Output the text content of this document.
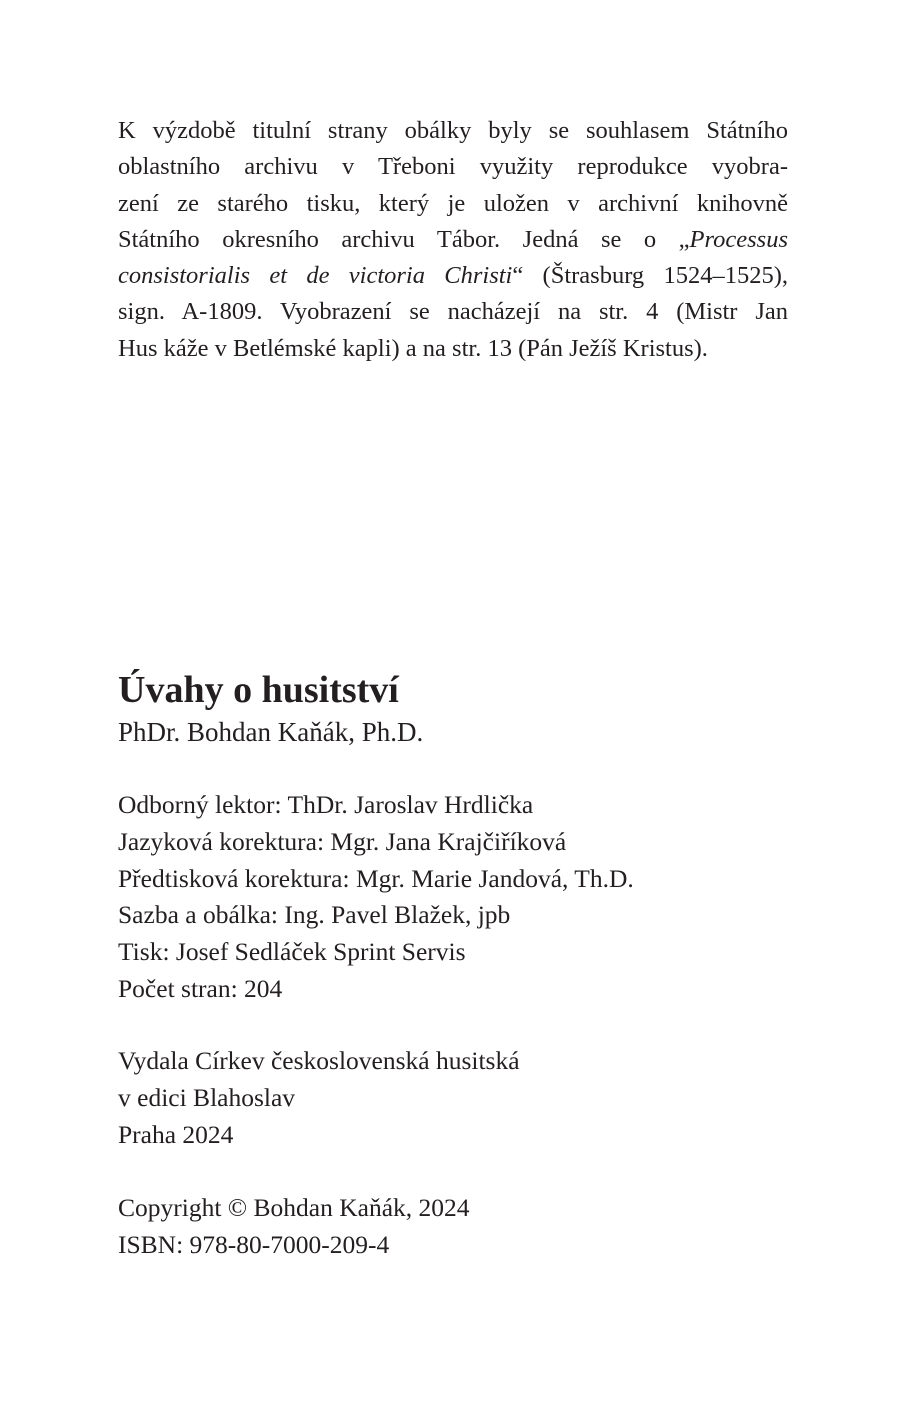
K výzdobě titulní strany obálky byly se souhlasem Státního
oblastního archivu v Třeboni využity reprodukce vyobra-
zení ze starého tisku, který je uložen v archivní knihovně
Státního okresního archivu Tábor. Jedná se o „Processus
consistorialis et de victoria Christi“ (Štrasburg 1524–1525),
sign. A-1809. Vyobrazení se nacházejí na str. 4 (Mistr Jan
Hus káže v Betlémské kapli) a na str. 13 (Pán Ježíš Kristus).

Úvahy o husitství
PhDr. Bohdan Kaňák, Ph.D.
Odborný lektor: ThDr. Jaroslav Hrdlička
Jazyková korektura: Mgr. Jana Krajčiříková
Předtisková korektura: Mgr. Marie Jandová, Th.D.
Sazba a obálka: Ing. Pavel Blažek, jpb
Tisk: Josef Sedláček Sprint Servis
Počet stran: 204
Vydala Církev československá husitská
v edici Blahoslav
Praha 2024
Copyright © Bohdan Kaňák, 2024
ISBN: 978-80-7000-209-4
